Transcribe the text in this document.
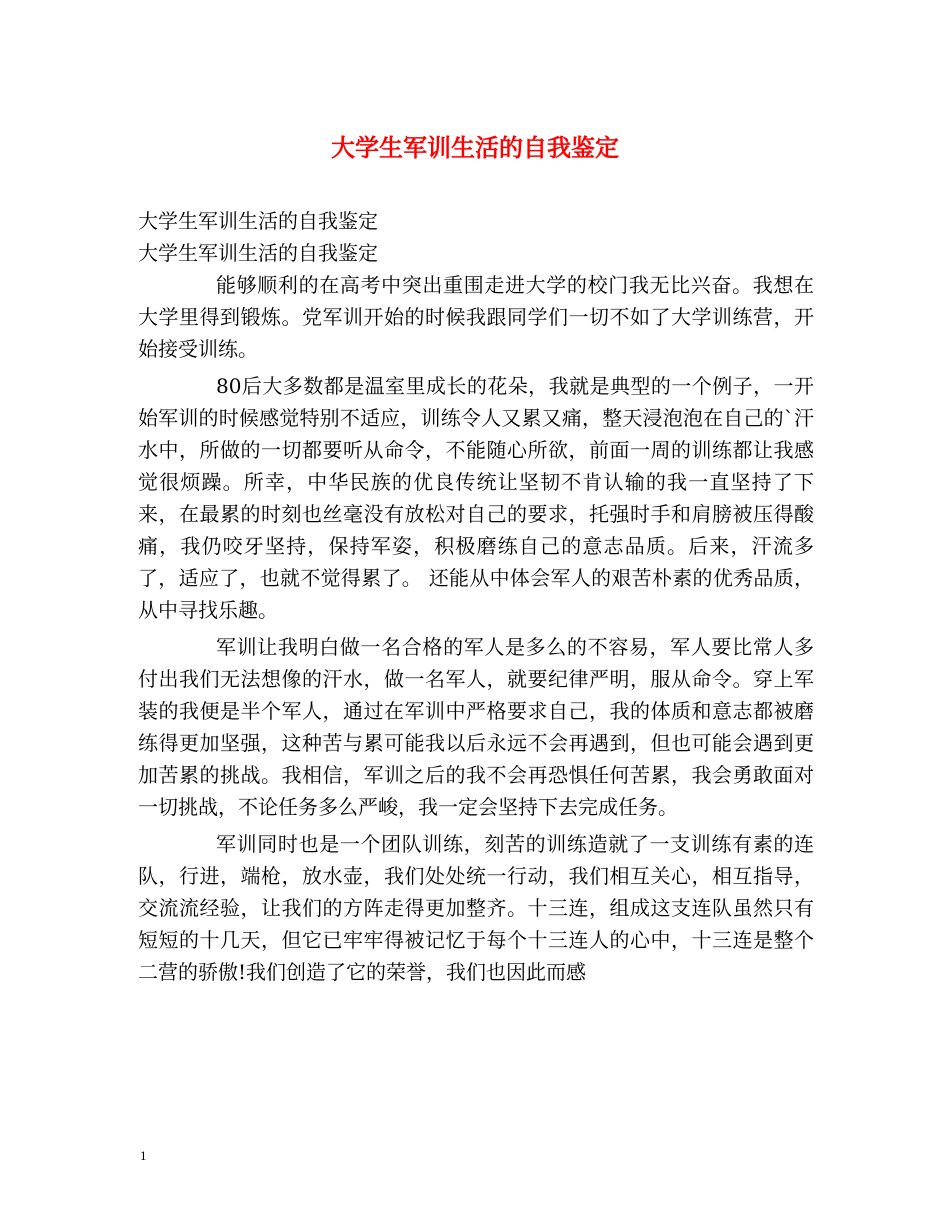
大学生军训生活的自我鉴定

大学生军训生活的自我鉴定

大学生军训生活的自我鉴定

能够顺利的在高考中突出重围走进大学的校门我无比兴奋。我想在大学里得到锻炼。党军训开始的时候我跟同学们一切不如了大学训练营，开始接受训练。

80后大多数都是温室里成长的花朵，我就是典型的一个例子，一开始军训的时候感觉特别不适应，训练令人又累又痛，整天浸泡泡在自己的`汗水中，所做的一切都要听从命令，不能随心所欲，前面一周的训练都让我感觉很烦躁。所幸，中华民族的优良传统让坚韧不肯认输的我一直坚持了下来，在最累的时刻也丝毫没有放松对自己的要求，托强时手和肩膀被压得酸痛，我仍咬牙坚持，保持军姿，积极磨练自己的意志品质。后来，汗流多了，适应了，也就不觉得累了。 还能从中体会军人的艰苦朴素的优秀品质，从中寻找乐趣。

军训让我明白做一名合格的军人是多么的不容易，军人要比常人多付出我们无法想像的汗水，做一名军人，就要纪律严明，服从命令。穿上军装的我便是半个军人，通过在军训中严格要求自己，我的体质和意志都被磨练得更加坚强，这种苦与累可能我以后永远不会再遇到，但也可能会遇到更加苦累的挑战。我相信，军训之后的我不会再恐惧任何苦累，我会勇敢面对一切挑战，不论任务多么严峻，我一定会坚持下去完成任务。

军训同时也是一个团队训练，刻苦的训练造就了一支训练有素的连队，行进，端枪，放水壶，我们处处统一行动，我们相互关心，相互指导，交流流经验，让我们的方阵走得更加整齐。十三连，组成这支连队虽然只有短短的十几天，但它已牢牢得被记忆于每个十三连人的心中，十三连是整个二营的骄傲!我们创造了它的荣誉，我们也因此而感

1
